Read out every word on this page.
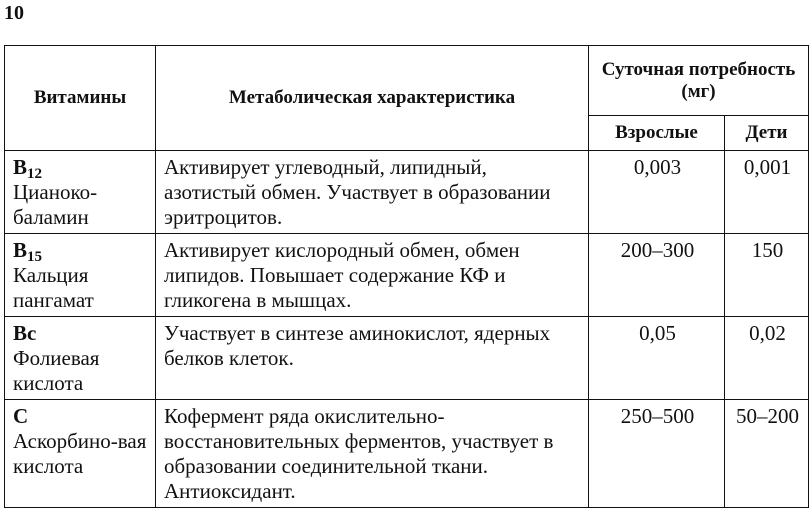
10
Витамины	Метаболическая характеристика	Суточная потребность (мг)	
		Взрослые	Дети

$B_{12}$
Цианоко-баламин	Активирует углеводный, липидный, азотистый обмен. Участвует в образовании эритроцитов.	0,003	0,001

$B_{15}$
Кальция пангамат	Активирует кислородный обмен, обмен липидов. Повышает содержание КФ и гликогена в мышцах.	200–300	150

Bc
Фолиевая кислота	Участвует в синтезе аминокислот, ядерных белков клеток.	0,05	0,02

C
Аскорбино-вая кислота	Кофермент ряда окислительно-восстановительных ферментов, участвует в образовании соединительной ткани. Антиоксидант.	250–500	50–200
